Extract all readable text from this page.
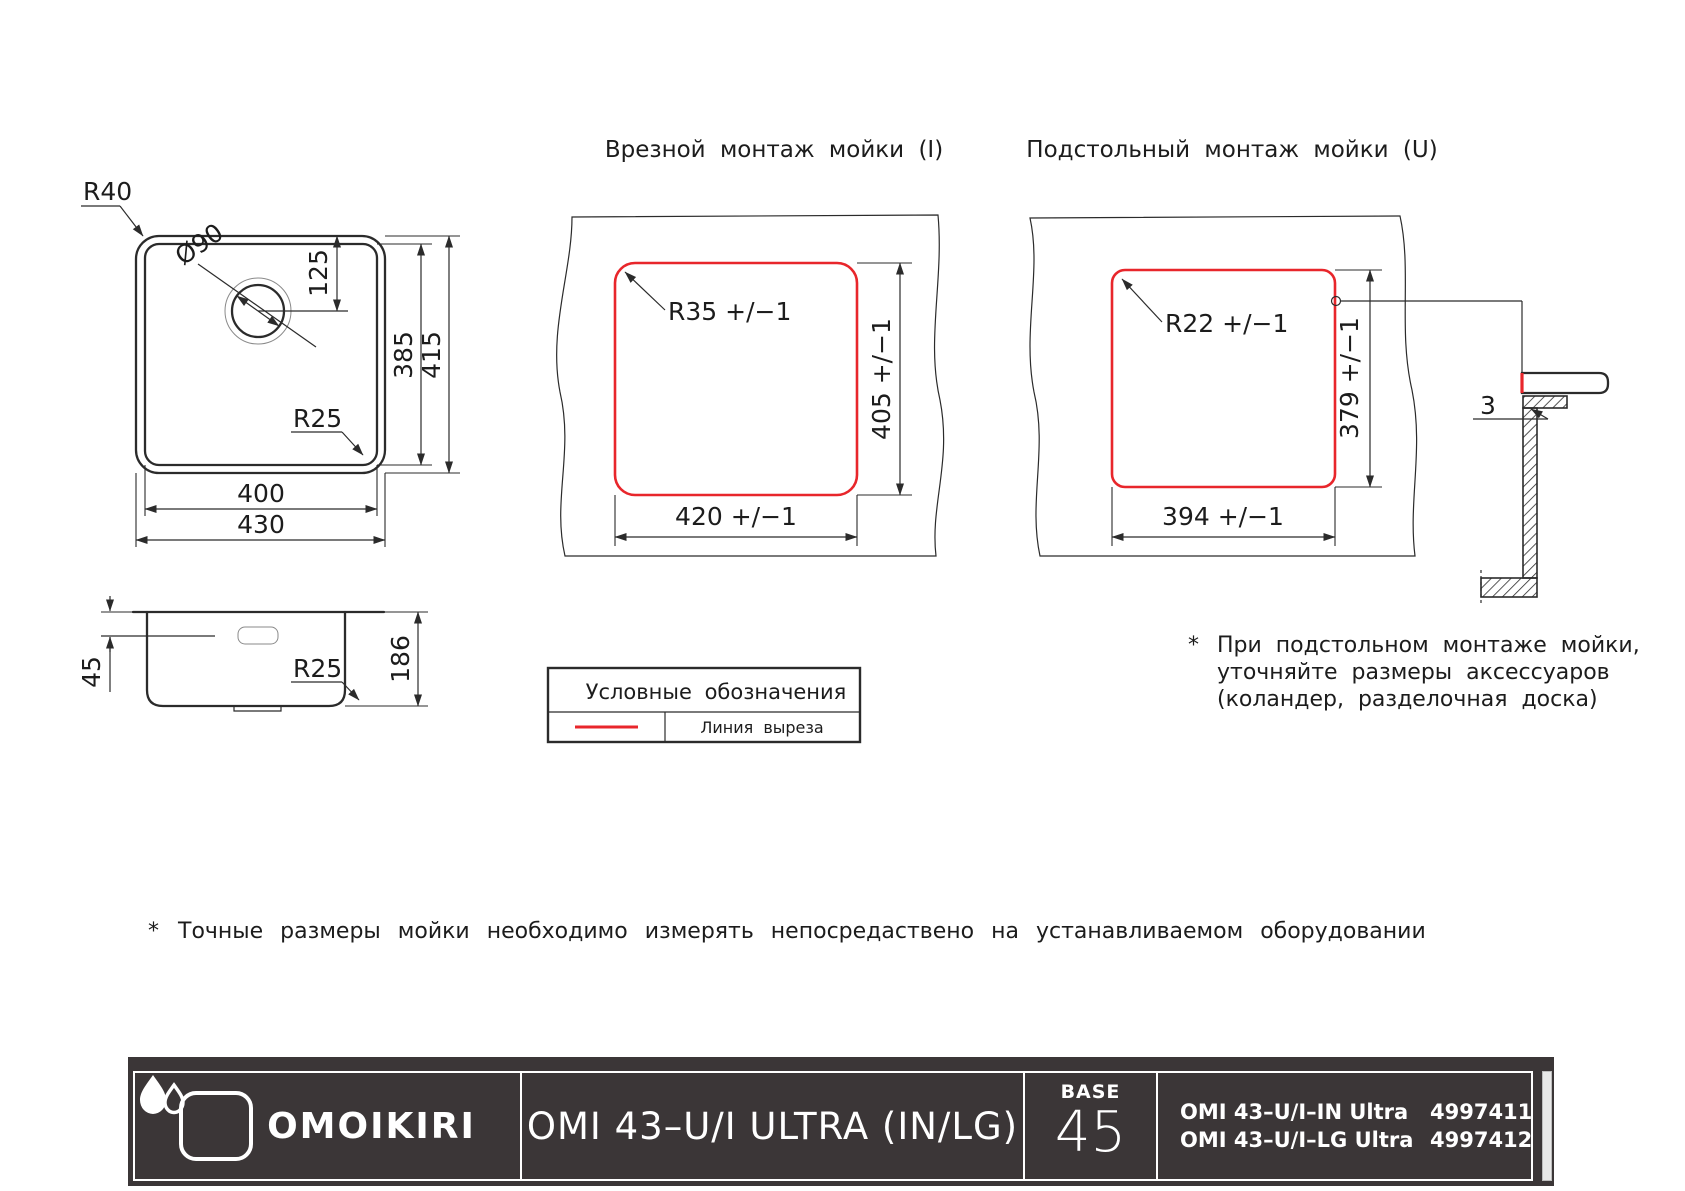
Ø90
125
R40
R25
385 415
400
430
45	R25 186
Врезной монтаж мойки (I)
R35 +/−1
405 +/−1
420 +/−1
Подстольный монтаж мойки (U)
R22 +/−1 379 +/−1
394 +/−1
3
Условные обозначения
Линия выреза
* При подстольном монтаже мойки,
уточняйте размеры аксессуаров
(коландер, разделочная доска)
* Точные размеры мойки необходимо измерять непосредаствено на устанавливаемом оборудовании
OMOIKIRI OMI 43–U/I ULTRA (IN/LG)
BASE
45	OMI 43–U/I–IN Ultra	4997411
OMI 43–U/I–LG Ultra 4997412
